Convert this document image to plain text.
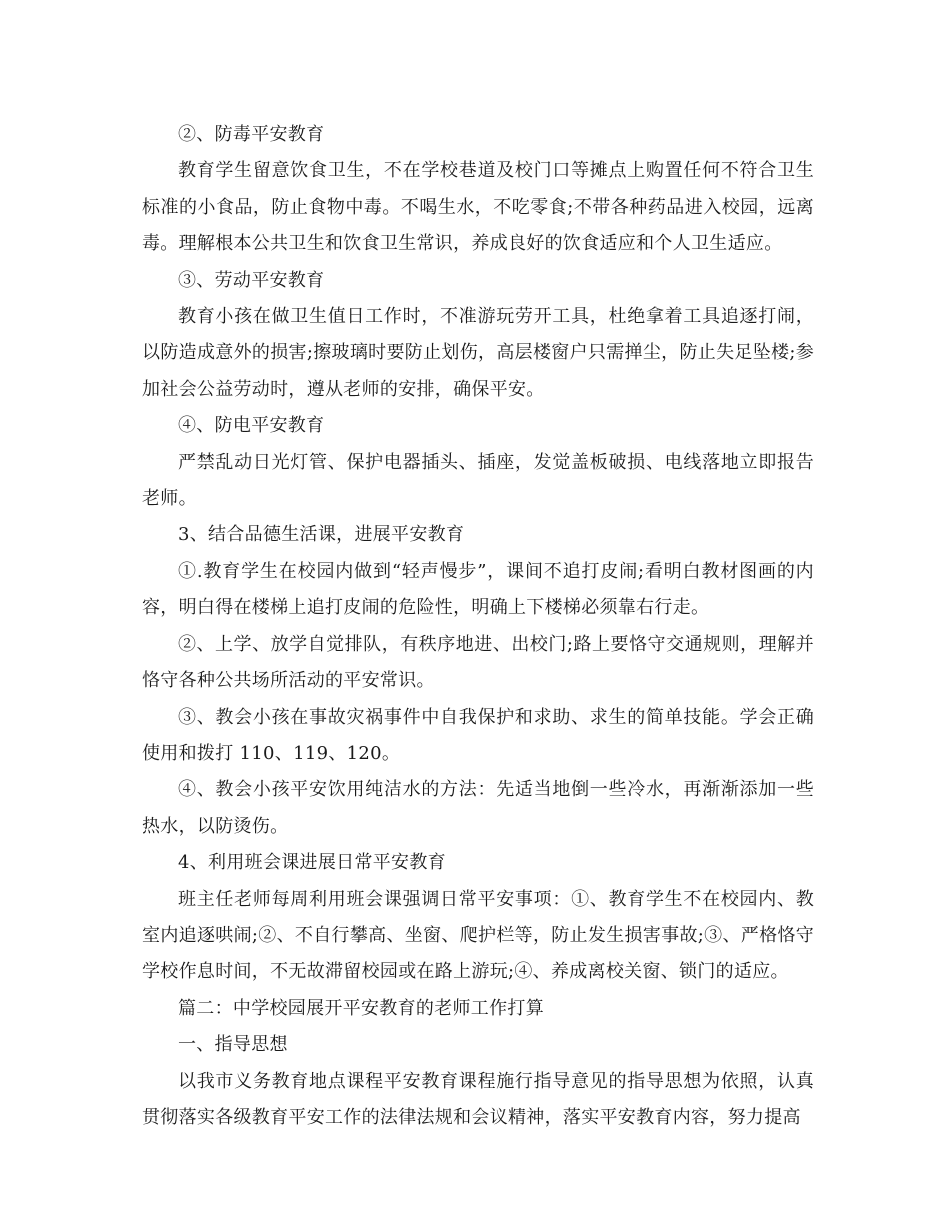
②、防毒平安教育

教育学生留意饮食卫生，不在学校巷道及校门口等摊点上购置任何不符合卫生标准的小食品，防止食物中毒。不喝生水，不吃零食;不带各种药品进入校园，远离毒。理解根本公共卫生和饮食卫生常识，养成良好的饮食适应和个人卫生适应。

③、劳动平安教育

教育小孩在做卫生值日工作时，不准游玩劳开工具，杜绝拿着工具追逐打闹，以防造成意外的损害;擦玻璃时要防止划伤，高层楼窗户只需掸尘，防止失足坠楼;参加社会公益劳动时，遵从老师的安排，确保平安。

④、防电平安教育

严禁乱动日光灯管、保护电器插头、插座，发觉盖板破损、电线落地立即报告老师。

3、结合品德生活课，进展平安教育

①.教育学生在校园内做到“轻声慢步”，课间不追打皮闹;看明白教材图画的内容，明白得在楼梯上追打皮闹的危险性，明确上下楼梯必须靠右行走。

②、上学、放学自觉排队，有秩序地进、出校门;路上要恪守交通规则，理解并恪守各种公共场所活动的平安常识。

③、教会小孩在事故灾祸事件中自我保护和求助、求生的简单技能。学会正确使用和拨打 110、119、120。

④、教会小孩平安饮用纯洁水的方法：先适当地倒一些冷水，再渐渐添加一些热水，以防烫伤。

4、利用班会课进展日常平安教育

班主任老师每周利用班会课强调日常平安事项：①、教育学生不在校园内、教室内追逐哄闹;②、不自行攀高、坐窗、爬护栏等，防止发生损害事故;③、严格恪守学校作息时间，不无故滞留校园或在路上游玩;④、养成离校关窗、锁门的适应。

篇二：中学校园展开平安教育的老师工作打算

一、指导思想

以我市义务教育地点课程平安教育课程施行指导意见的指导思想为依照，认真贯彻落实各级教育平安工作的法律法规和会议精神，落实平安教育内容，努力提高
